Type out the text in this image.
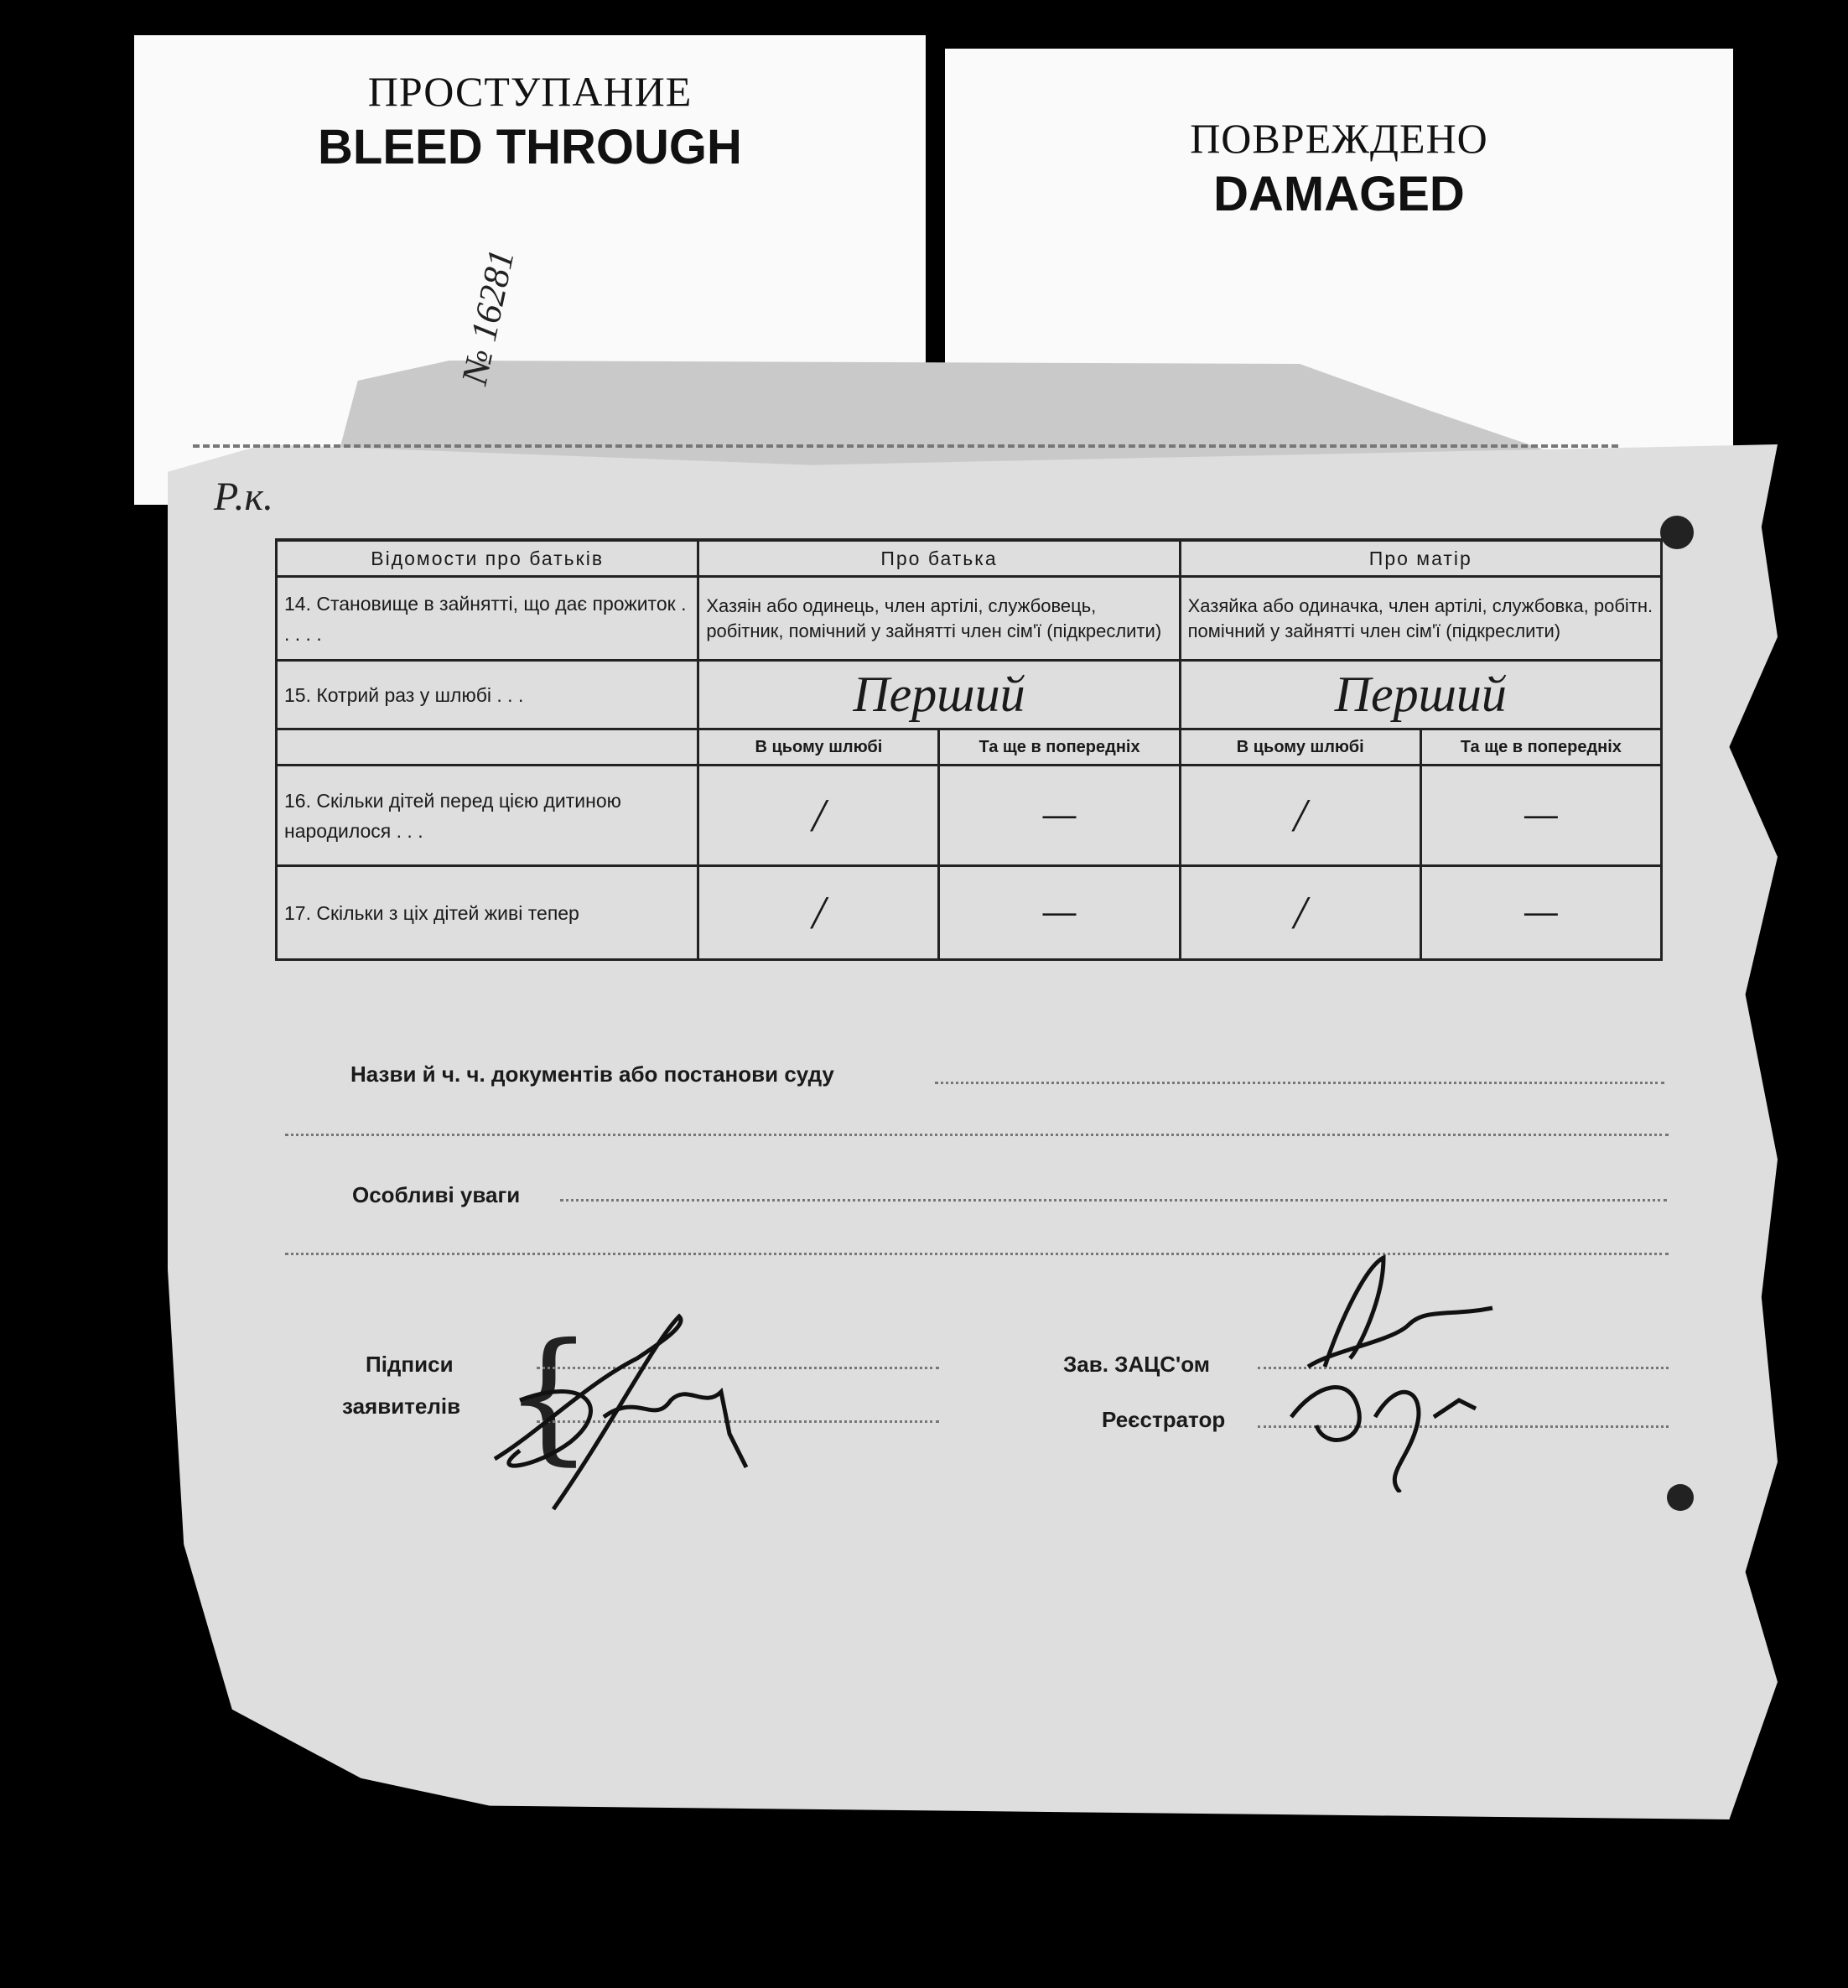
ПРОСТУПАНИЕ
BLEED THROUGH	ПОВРЕЖДЕНО
DAMAGED
№ 16281
Р.к.
Відомости про батьків	Про батька		Про матір	

14. Становище в зайнятті, що дає прожиток . . . . .	Хазяін або одинець, член артілі, службовець, робітник, помічний у зайнятті член сім'ї (підкреслити)		Хазяйка або одиначка, член артілі, службовка, робітн. помічний у зайнятті член сім'ї (підкреслити)	

15. Котрий раз у шлюбі . . .	Перший		Перший	
	В цьому шлюбі	Та ще в попередніх	В цьому шлюбі	Та ще в попередніх

16. Скільки дітей перед цією дитиною народилося . . .	/	—	/	—

17. Скільки з ціх дітей живі тепер	/	—	/	—
Назви й ч. ч. документів або постанови суду
Особливі уваги
Підписи
заявителів {	Зав. ЗАЦС'ом
Реєстратор
